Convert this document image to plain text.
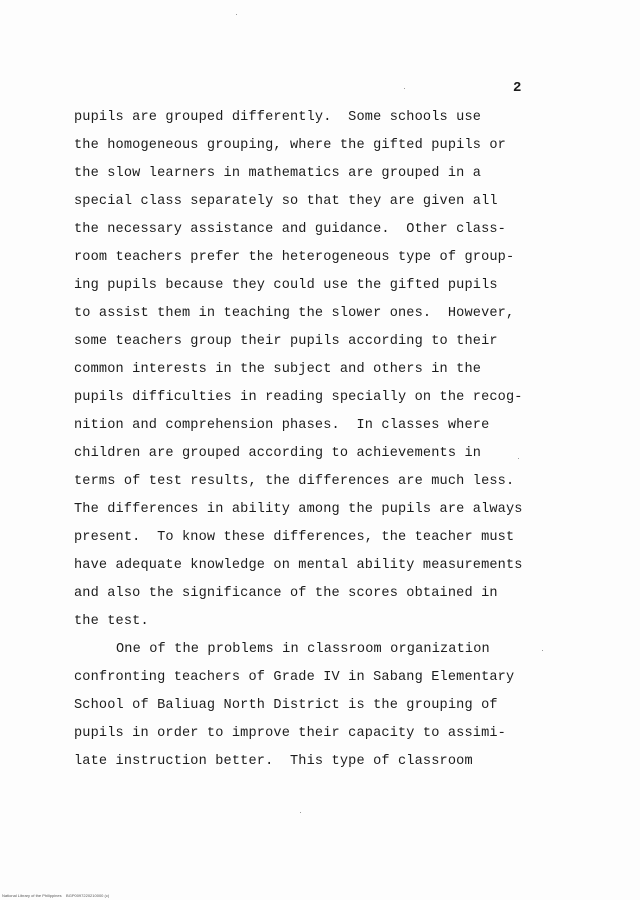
2
pupils are grouped differently.  Some schools use
the homogeneous grouping, where the gifted pupils or
the slow learners in mathematics are grouped in a
special class separately so that they are given all
the necessary assistance and guidance.  Other class-
room teachers prefer the heterogeneous type of group-
ing pupils because they could use the gifted pupils
to assist them in teaching the slower ones.  However,
some teachers group their pupils according to their
common interests in the subject and others in the
pupils difficulties in reading specially on the recog-
nition and comprehension phases.  In classes where
children are grouped according to achievements in
terms of test results, the differences are much less.
The differences in ability among the pupils are always
present.  To know these differences, the teacher must
have adequate knowledge on mental ability measurements
and also the significance of the scores obtained in
the test.
One of the problems in classroom organization
confronting teachers of Grade IV in Sabang Elementary
School of Baliuag North District is the grouping of
pupils in order to improve their capacity to assimi-
late instruction better.  This type of classroom
National Library of the Philippines    BGP0097220210000 (c)
